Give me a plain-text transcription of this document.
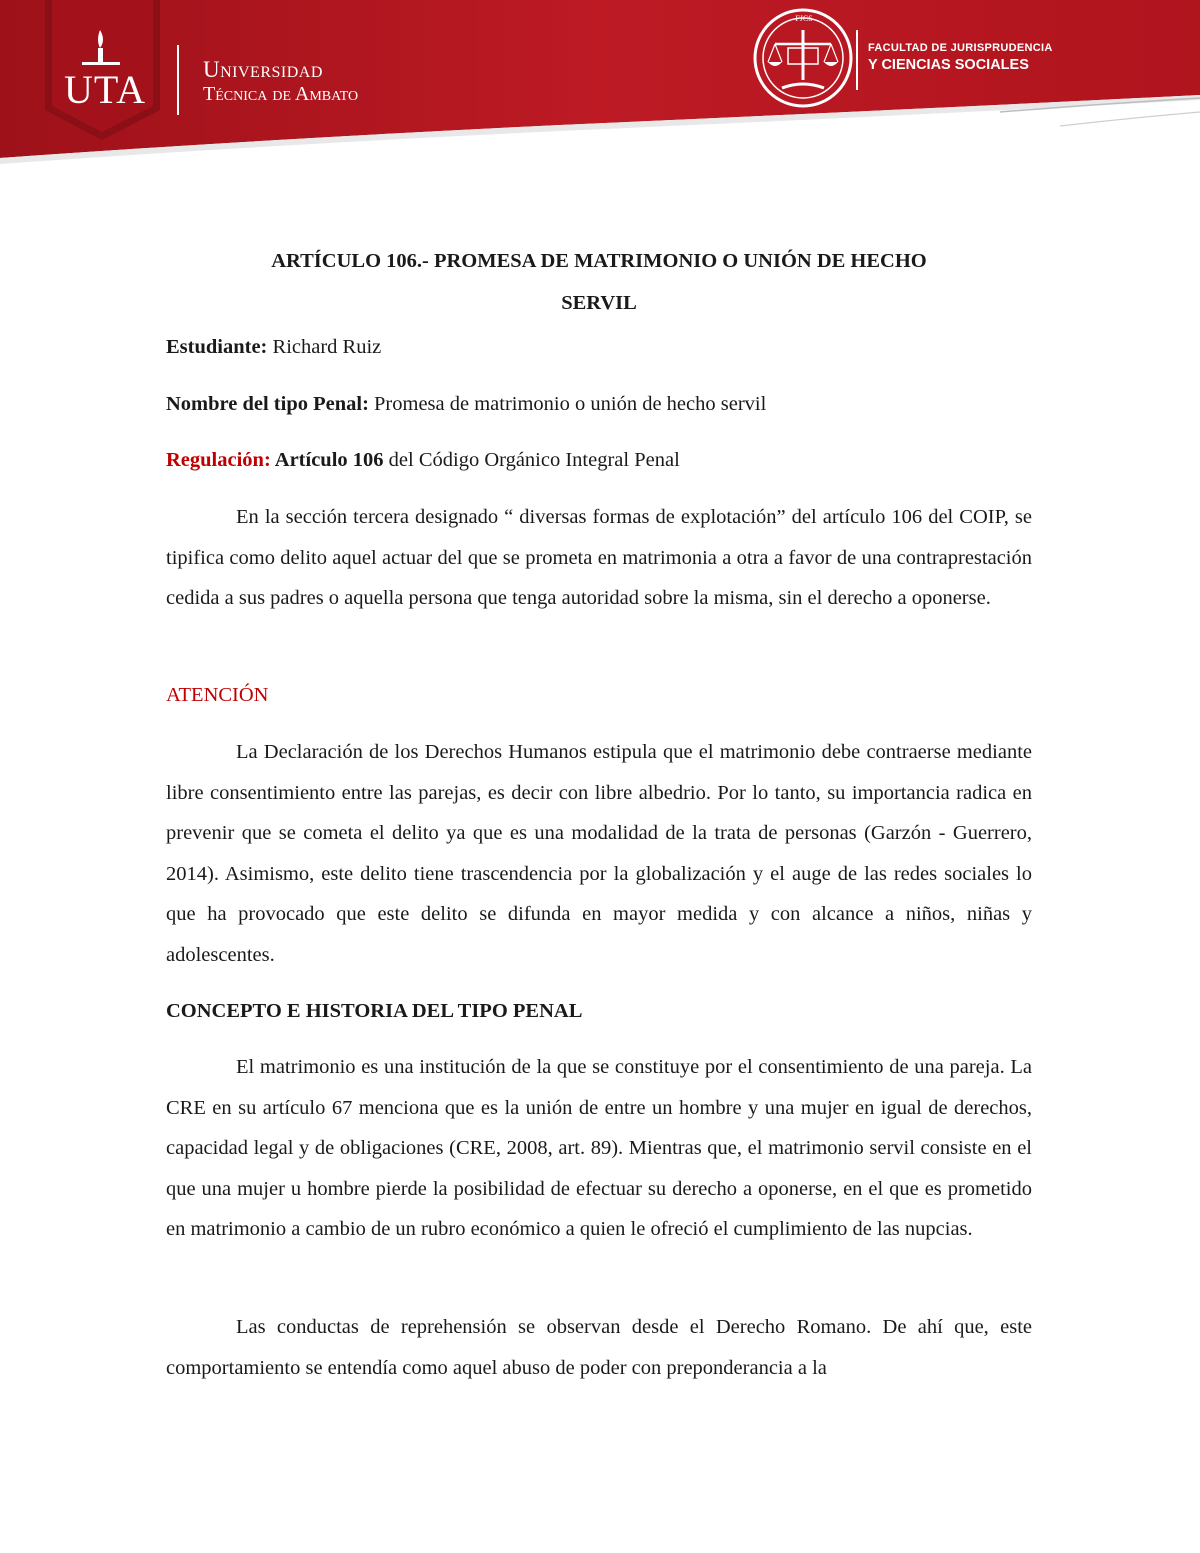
UTA Universidad
Técnica de Ambato
FJCS
FACULTAD DE JURISPRUDENCIA
Y CIENCIAS SOCIALES
ARTÍCULO 106.- PROMESA DE MATRIMONIO O UNIÓN DE HECHO
SERVIL
Estudiante: Richard Ruiz
Nombre del tipo Penal: Promesa de matrimonio o unión de hecho servil
Regulación: Artículo 106 del Código Orgánico Integral Penal

En la sección tercera designado “ diversas formas de explotación” del artículo 106 del COIP, se tipifica como delito aquel actuar del que se prometa en matrimonia a otra a favor de una contraprestación cedida a sus padres o aquella persona que tenga autoridad sobre la misma, sin el derecho a oponerse.

ATENCIÓN

La Declaración de los Derechos Humanos estipula que el matrimonio debe contraerse mediante libre consentimiento entre las parejas, es decir con libre albedrio. Por lo tanto, su importancia radica en prevenir que se cometa el delito ya que es una modalidad de la trata de personas (Garzón - Guerrero, 2014). Asimismo, este delito tiene trascendencia por la globalización y el auge de las redes sociales lo que ha provocado que este delito se difunda en mayor medida y con alcance a niños, niñas y adolescentes.

CONCEPTO E HISTORIA DEL TIPO PENAL

El matrimonio es una institución de la que se constituye por el consentimiento de una pareja. La CRE en su artículo 67 menciona que es la unión de entre un hombre y una mujer en igual de derechos, capacidad legal y de obligaciones (CRE, 2008, art. 89). Mientras que, el matrimonio servil consiste en el que una mujer u hombre pierde la posibilidad de efectuar su derecho a oponerse, en el que es prometido en matrimonio a cambio de un rubro económico a quien le ofreció el cumplimiento de las nupcias.

Las conductas de reprehensión se observan desde el Derecho Romano. De ahí que, este comportamiento se entendía como aquel abuso de poder con preponderancia a la
